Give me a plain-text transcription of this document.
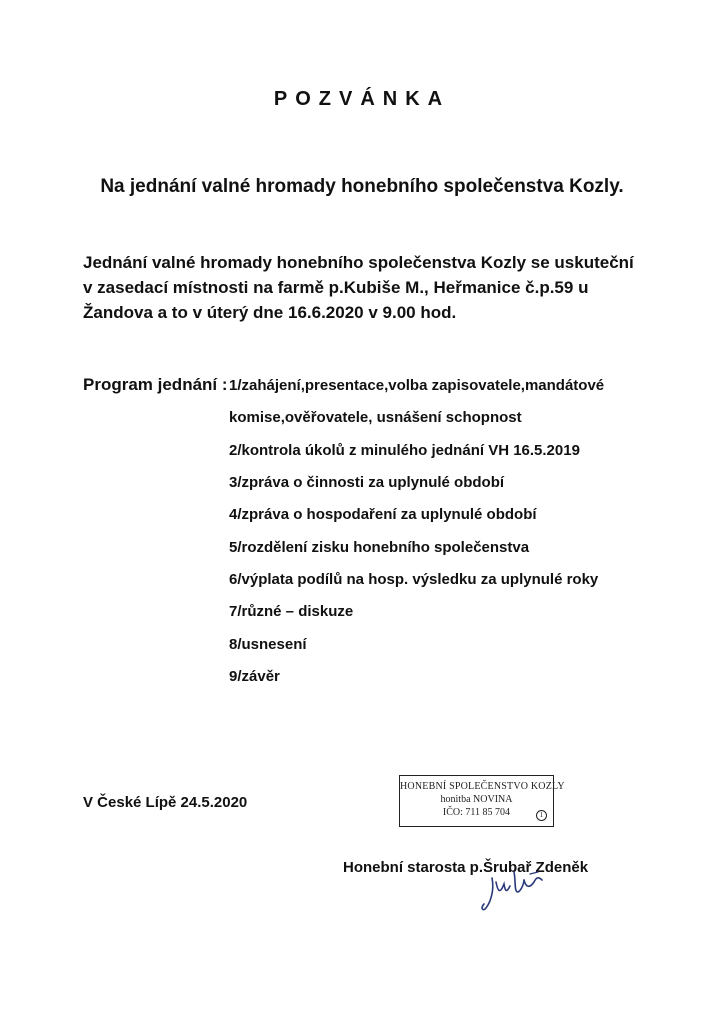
POZVÁNKA
Na jednání valné hromady honebního společenstva Kozly.
Jednání valné hromady honebního společenstva Kozly se uskuteční
v zasedací místnosti na farmě p.Kubiše M., Heřmanice č.p.59 u
Žandova a to v úterý dne 16.6.2020 v 9.00 hod.
Program jednání : 1/zahájení,presentace,volba zapisovatele,mandátové
komise,ověřovatele, usnášení schopnost
2/kontrola úkolů z minulého jednání VH 16.5.2019
3/zpráva o činnosti za uplynulé období
4/zpráva o hospodaření za uplynulé období
5/rozdělení zisku honebního společenstva
6/výplata podílů na hosp. výsledku za uplynulé roky
7/různé – diskuze
8/usnesení
9/závěr
V České Lípě 24.5.2020
HONEBNÍ SPOLEČENSTVO KOZLY
honitba NOVINA
IČO: 711 85 704	1
Honební starosta p.Šrubař Zdeněk
